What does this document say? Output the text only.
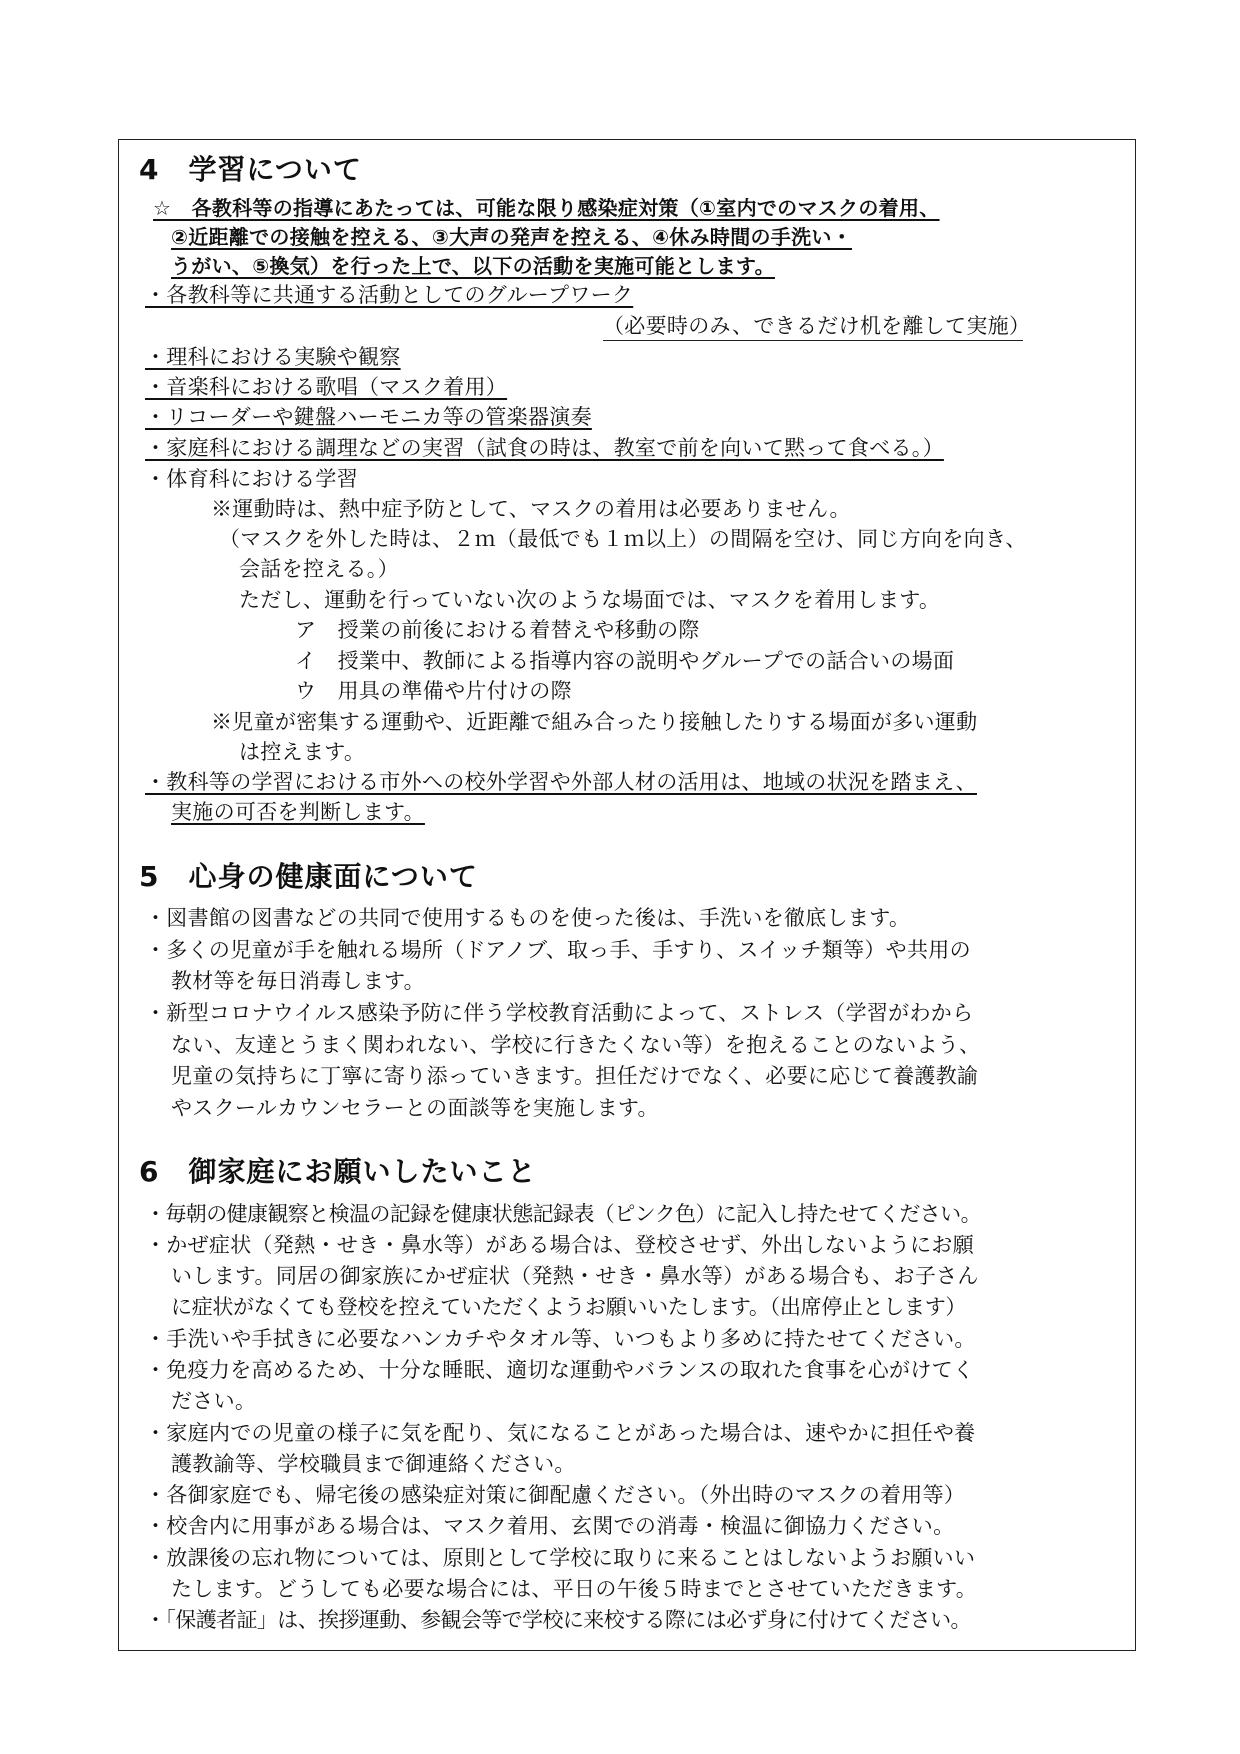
4　学習について
☆　各教科等の指導にあたっては、可能な限り感染症対策（①室内でのマスクの着用、
②近距離での接触を控える、③大声の発声を控える、④休み時間の手洗い・
うがい、⑤換気）を行った上で、以下の活動を実施可能とします。
・各教科等に共通する活動としてのグループワーク
（必要時のみ、できるだけ机を離して実施）
・理科における実験や観察
・音楽科における歌唱（マスク着用）
・リコーダーや鍵盤ハーモニカ等の管楽器演奏
・家庭科における調理などの実習（試食の時は、教室で前を向いて黙って食べる。）
・体育科における学習
※運動時は、熱中症予防として、マスクの着用は必要ありません。
（マスクを外した時は、２ｍ（最低でも１ｍ以上）の間隔を空け、同じ方向を向き、
会話を控える。）
ただし、運動を行っていない次のような場面では、マスクを着用します。
ア　授業の前後における着替えや移動の際
イ　授業中、教師による指導内容の説明やグループでの話合いの場面
ウ　用具の準備や片付けの際
※児童が密集する運動や、近距離で組み合ったり接触したりする場面が多い運動
は控えます。
・教科等の学習における市外への校外学習や外部人材の活用は、地域の状況を踏まえ、
実施の可否を判断します。
5　心身の健康面について
・図書館の図書などの共同で使用するものを使った後は、手洗いを徹底します。
・多くの児童が手を触れる場所（ドアノブ、取っ手、手すり、スイッチ類等）や共用の
教材等を毎日消毒します。
・新型コロナウイルス感染予防に伴う学校教育活動によって、ストレス（学習がわから
ない、友達とうまく関われない、学校に行きたくない等）を抱えることのないよう、
児童の気持ちに丁寧に寄り添っていきます。担任だけでなく、必要に応じて養護教諭
やスクールカウンセラーとの面談等を実施します。
6　御家庭にお願いしたいこと
・毎朝の健康観察と検温の記録を健康状態記録表（ピンク色）に記入し持たせてください。
・かぜ症状（発熱・せき・鼻水等）がある場合は、登校させず、外出しないようにお願
いします。同居の御家族にかぜ症状（発熱・せき・鼻水等）がある場合も、お子さん
に症状がなくても登校を控えていただくようお願いいたします。（出席停止とします）
・手洗いや手拭きに必要なハンカチやタオル等、いつもより多めに持たせてください。
・免疫力を高めるため、十分な睡眠、適切な運動やバランスの取れた食事を心がけてく
ださい。
・家庭内での児童の様子に気を配り、気になることがあった場合は、速やかに担任や養
護教諭等、学校職員まで御連絡ください。
・各御家庭でも、帰宅後の感染症対策に御配慮ください。（外出時のマスクの着用等）
・校舎内に用事がある場合は、マスク着用、玄関での消毒・検温に御協力ください。
・放課後の忘れ物については、原則として学校に取りに来ることはしないようお願いい
たします。どうしても必要な場合には、平日の午後５時までとさせていただきます。
・「保護者証」は、挨拶運動、参観会等で学校に来校する際には必ず身に付けてください。
